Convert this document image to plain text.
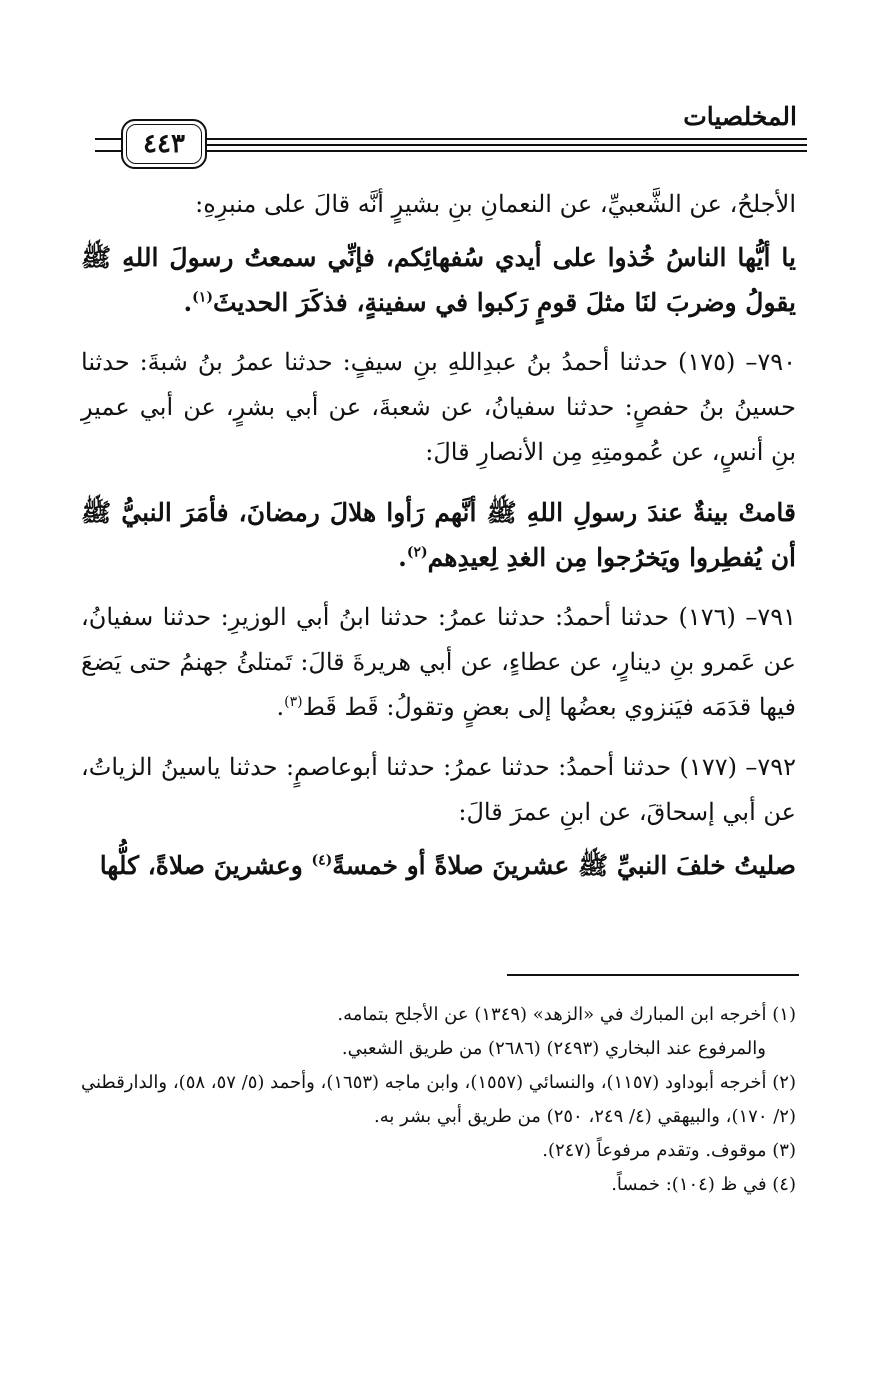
المخلصيات
٤٤٣

الأجلحُ، عن الشَّعبيِّ، عن النعمانِ بنِ بشيرٍ أنَّه قالَ على منبرِهِ:

يا أيُّها الناسُ خُذوا على أيدي سُفهائِكم، فإنِّي سمعتُ رسولَ اللهِ ﷺ يقولُ وضربَ لنَا مثلَ قومٍ رَكبوا في سفينةٍ، فذكَرَ الحديثَ$^{(١)}$.

٧٩٠– (١٧٥) حدثنا أحمدُ بنُ عبدِاللهِ بنِ سيفٍ: حدثنا عمرُ بنُ شبةَ: حدثنا حسينُ بنُ حفصٍ: حدثنا سفيانُ، عن شعبةَ، عن أبي بشرٍ، عن أبي عميرِ بنِ أنسٍ، عن عُمومتِهِ مِن الأنصارِ قالَ:

قامتْ بينةٌ عندَ رسولِ اللهِ ﷺ أنَّهم رَأوا هلالَ رمضانَ، فأمَرَ النبيُّ ﷺ أن يُفطِروا ويَخرُجوا مِن الغدِ لِعيدِهم$^{(٢)}$.

٧٩١– (١٧٦) حدثنا أحمدُ: حدثنا عمرُ: حدثنا ابنُ أبي الوزيرِ: حدثنا سفيانُ، عن عَمرو بنِ دينارٍ، عن عطاءٍ، عن أبي هريرةَ قالَ: تَمتلئُ جهنمُ حتى يَضعَ فيها قدَمَه فيَنزوي بعضُها إلى بعضٍ وتقولُ: قَط قَط$^{(٣)}$.

٧٩٢– (١٧٧) حدثنا أحمدُ: حدثنا عمرُ: حدثنا أبوعاصمٍ: حدثنا ياسينُ الزياتُ، عن أبي إسحاقَ، عن ابنِ عمرَ قالَ:

صليتُ خلفَ النبيِّ ﷺ عشرينَ صلاةً أو خمسةً$^{(٤)}$ وعشرينَ صلاةً، كلُّها

(١) أخرجه ابن المبارك في «الزهد» (١٣٤٩) عن الأجلح بتمامه.

والمرفوع عند البخاري (٢٤٩٣) (٢٦٨٦) من طريق الشعبي.

(٢) أخرجه أبوداود (١١٥٧)، والنسائي (١٥٥٧)، وابن ماجه (١٦٥٣)، وأحمد (٥/ ٥٧، ٥٨)، والدارقطني (٢/ ١٧٠)، والبيهقي (٤/ ٢٤٩، ٢٥٠) من طريق أبي بشر به.

(٣) موقوف. وتقدم مرفوعاً (٢٤٧).

(٤) في ظ (١٠٤): خمساً.
